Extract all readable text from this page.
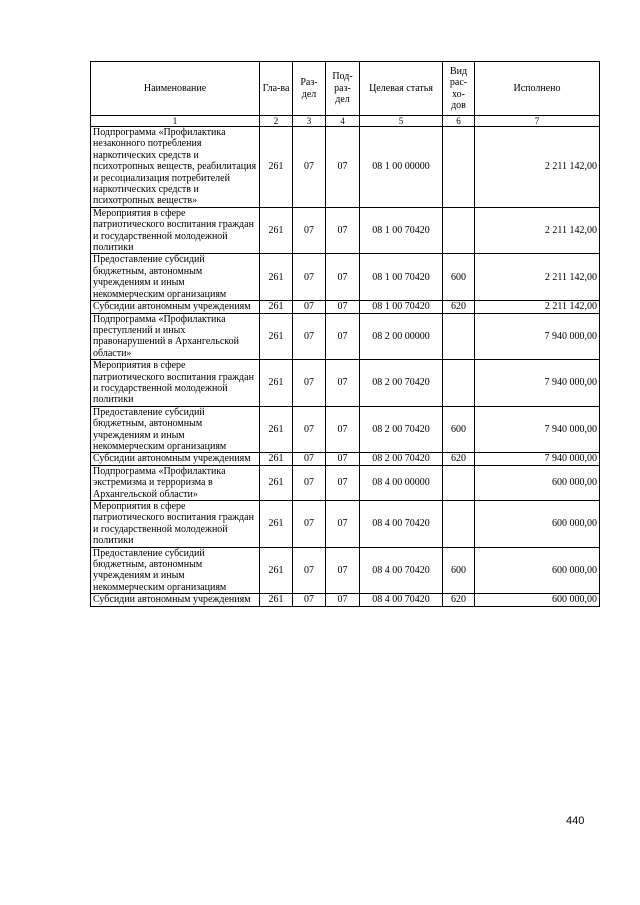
Наименование	Гла-ва	Раз-дел	Под-раз-дел	Целевая статья	Вид рас-хо-дов	Исполнено
1	2	3	4	5	6	7
Подпрограмма «Профилактика незаконного потребления наркотических средств и психотропных веществ, реабилитация и ресоциализация потребителей наркотических средств и психотропных веществ»	261	07	07	08 1 00 00000		2 211 142,00
Мероприятия в сфере патриотического воспитания граждан и государственной молодежной политики	261	07	07	08 1 00 70420		2 211 142,00
Предоставление субсидий бюджетным, автономным учреждениям и иным некоммерческим организациям	261	07	07	08 1 00 70420	600	2 211 142,00
Субсидии автономным учреждениям	261	07	07	08 1 00 70420	620	2 211 142,00
Подпрограмма «Профилактика преступлений и иных правонарушений в Архангельской области»	261	07	07	08 2 00 00000		7 940 000,00
Мероприятия в сфере патриотического воспитания граждан и государственной молодежной политики	261	07	07	08 2 00 70420		7 940 000,00
Предоставление субсидий бюджетным, автономным учреждениям и иным некоммерческим организациям	261	07	07	08 2 00 70420	600	7 940 000,00
Субсидии автономным учреждениям	261	07	07	08 2 00 70420	620	7 940 000,00
Подпрограмма «Профилактика экстремизма и терроризма в Архангельской области»	261	07	07	08 4 00 00000		600 000,00
Мероприятия в сфере патриотического воспитания граждан и государственной молодежной политики	261	07	07	08 4 00 70420		600 000,00
Предоставление субсидий бюджетным, автономным учреждениям и иным некоммерческим организациям	261	07	07	08 4 00 70420	600	600 000,00
Субсидии автономным учреждениям	261	07	07	08 4 00 70420	620	600 000,00
440
